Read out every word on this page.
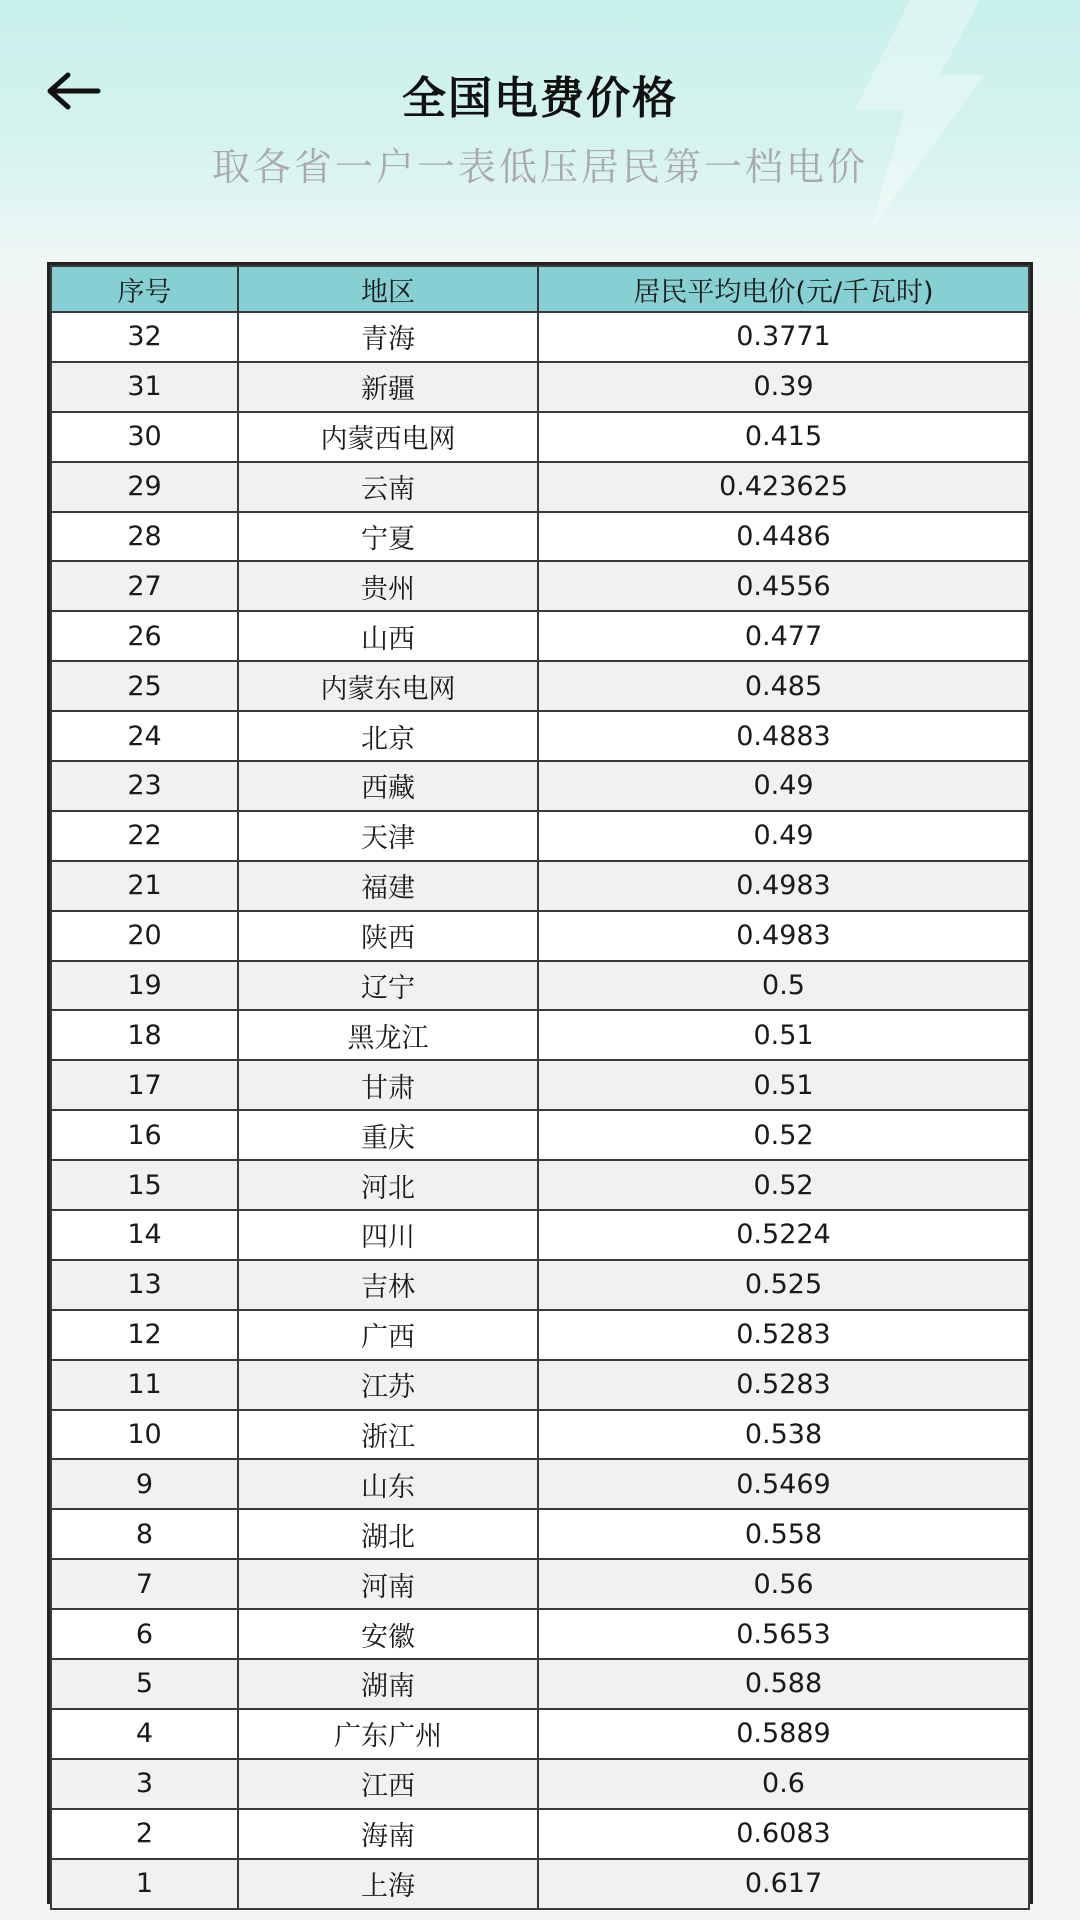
全国电费价格
取各省一户一表低压居民第一档电价
序号	地区	居民平均电价(元/千瓦时)
32	青海	0.3771
31	新疆	0.39
30	内蒙西电网	0.415
29	云南	0.423625
28	宁夏	0.4486
27	贵州	0.4556
26	山西	0.477
25	内蒙东电网	0.485
24	北京	0.4883
23	西藏	0.49
22	天津	0.49
21	福建	0.4983
20	陕西	0.4983
19	辽宁	0.5
18	黑龙江	0.51
17	甘肃	0.51
16	重庆	0.52
15	河北	0.52
14	四川	0.5224
13	吉林	0.525
12	广西	0.5283
11	江苏	0.5283
10	浙江	0.538
9	山东	0.5469
8	湖北	0.558
7	河南	0.56
6	安徽	0.5653
5	湖南	0.588
4	广东广州	0.5889
3	江西	0.6
2	海南	0.6083
1	上海	0.617
